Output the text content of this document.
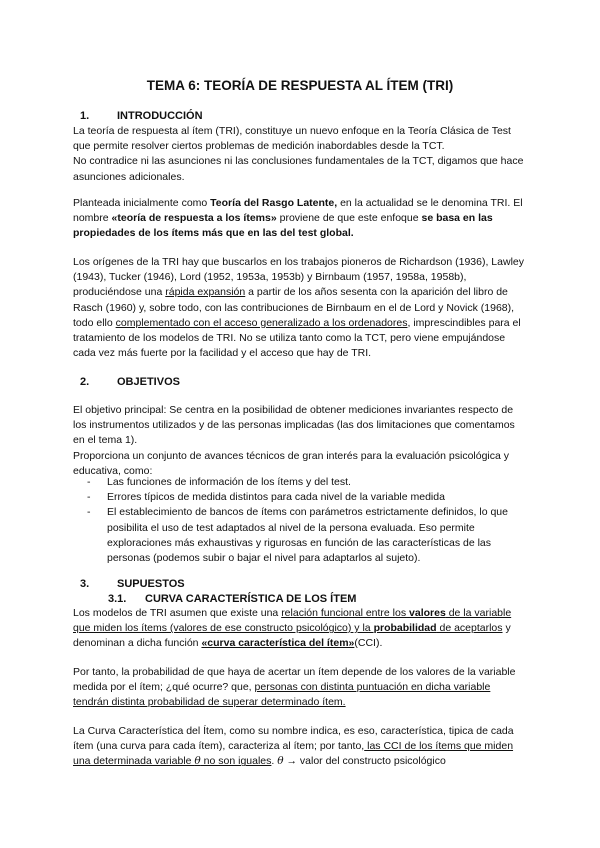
TEMA 6: TEORÍA DE RESPUESTA AL ÍTEM (TRI)
1.	INTRODUCCIÓN

La teoría de respuesta al ítem (TRI), constituye un nuevo enfoque en la Teoría Clásica de Test que permite resolver ciertos problemas de medición inabordables desde la TCT.
No contradice ni las asunciones ni las conclusiones fundamentales de la TCT, digamos que hace asunciones adicionales.

Planteada inicialmente como Teoría del Rasgo Latente, en la actualidad se le denomina TRI. El nombre «teoría de respuesta a los ítems» proviene de que este enfoque se basa en las propiedades de los ítems más que en las del test global.

Los orígenes de la TRI hay que buscarlos en los trabajos pioneros de Richardson (1936), Lawley (1943), Tucker (1946), Lord (1952, 1953a, 1953b) y Birnbaum (1957, 1958a, 1958b), produciéndose una rápida expansión a partir de los años sesenta con la aparición del libro de Rasch (1960) y, sobre todo, con las contribuciones de Birnbaum en el de Lord y Novick (1968), todo ello complementado con el acceso generalizado a los ordenadores, imprescindibles para el tratamiento de los modelos de TRI. No se utiliza tanto como la TCT, pero viene empujándose cada vez más fuerte por la facilidad y el acceso que hay de TRI.

2.	OBJETIVOS

El objetivo principal: Se centra en la posibilidad de obtener mediciones invariantes respecto de los instrumentos utilizados y de las personas implicadas (las dos limitaciones que comentamos en el tema 1).
Proporciona un conjunto de avances técnicos de gran interés para la evaluación psicológica y educativa, como:

- Las funciones de información de los ítems y del test.
- Errores típicos de medida distintos para cada nivel de la variable medida
- El establecimiento de bancos de ítems con parámetros estrictamente definidos, lo que posibilita el uso de test adaptados al nivel de la persona evaluada. Eso permite exploraciones más exhaustivas y rigurosas en función de las características de las personas (podemos subir o bajar el nivel para adaptarlos al sujeto).
3.	SUPUESTOS
3.1. CURVA CARACTERÍSTICA DE LOS ÍTEM

Los modelos de TRI asumen que existe una relación funcional entre los valores de la variable que miden los ítems (valores de ese constructo psicológico) y la probabilidad de aceptarlos y denominan a dicha función «curva característica del ítem»(CCI).

Por tanto, la probabilidad de que haya de acertar un ítem depende de los valores de la variable medida por el ítem; ¿qué ocurre? que, personas con distinta puntuación en dicha variable tendrán distinta probabilidad de superar determinado ítem.

La Curva Característica del Ítem, como su nombre indica, es eso, característica, tipica de cada ítem (una curva para cada ítem), caracteriza al ítem; por tanto, las CCI de los ítems que miden una determinada variable θ no son iguales. θ → valor del constructo psicológico
